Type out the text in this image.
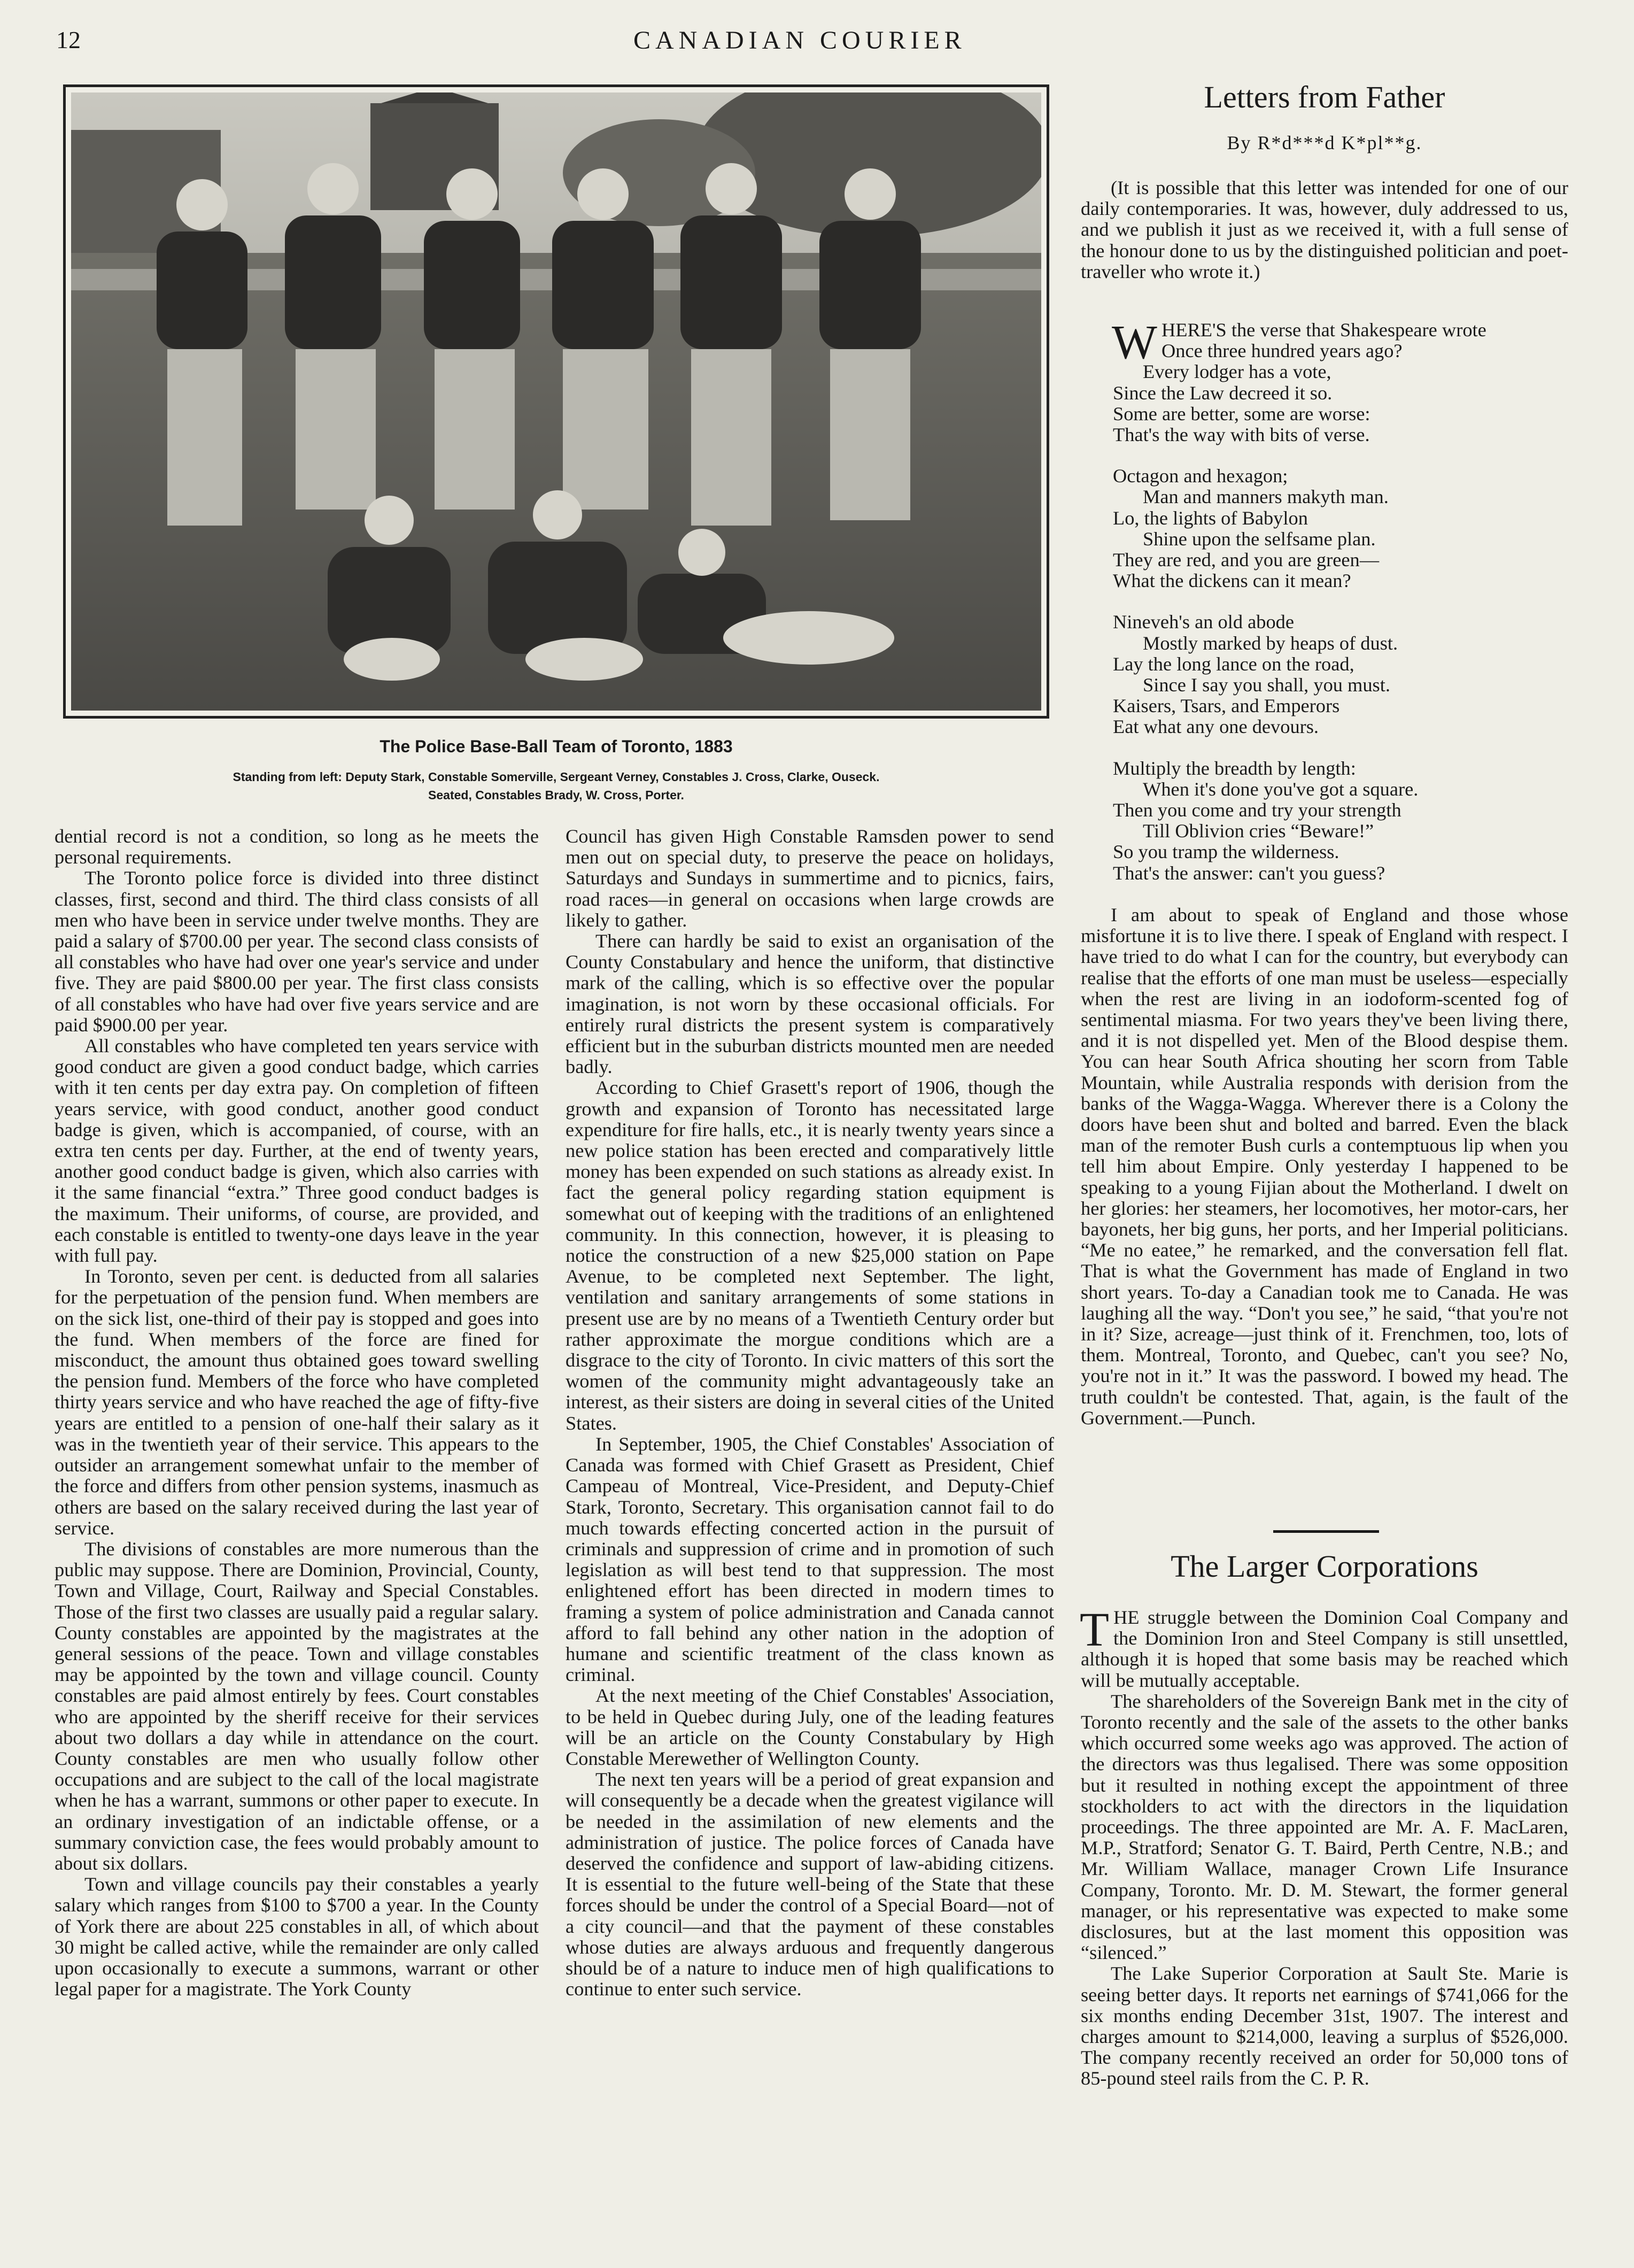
12	CANADIAN COURIER
The Police Base-Ball Team of Toronto, 1883
Standing from left: Deputy Stark, Constable Somerville, Sergeant Verney, Constables J. Cross, Clarke, Ouseck.
Seated, Constables Brady, W. Cross, Porter.

dential record is not a condition, so long as he meets the personal requirements.

The Toronto police force is divided into three distinct classes, first, second and third. The third class consists of all men who have been in service under twelve months. They are paid a salary of $700.00 per year. The second class consists of all constables who have had over one year's service and under five. They are paid $800.00 per year. The first class consists of all constables who have had over five years service and are paid $900.00 per year.

All constables who have completed ten years service with good conduct are given a good conduct badge, which carries with it ten cents per day extra pay. On completion of fifteen years service, with good conduct, another good conduct badge is given, which is accompanied, of course, with an extra ten cents per day. Further, at the end of twenty years, another good conduct badge is given, which also carries with it the same financial “extra.” Three good conduct badges is the maximum. Their uniforms, of course, are provided, and each constable is entitled to twenty-one days leave in the year with full pay.

In Toronto, seven per cent. is deducted from all salaries for the perpetuation of the pension fund. When members are on the sick list, one-third of their pay is stopped and goes into the fund. When members of the force are fined for misconduct, the amount thus obtained goes toward swelling the pension fund. Members of the force who have completed thirty years service and who have reached the age of fifty-five years are entitled to a pension of one-half their salary as it was in the twentieth year of their service. This appears to the outsider an arrangement somewhat unfair to the member of the force and differs from other pension systems, inasmuch as others are based on the salary received during the last year of service.

The divisions of constables are more numerous than the public may suppose. There are Dominion, Provincial, County, Town and Village, Court, Railway and Special Constables. Those of the first two classes are usually paid a regular salary. County constables are appointed by the magistrates at the general sessions of the peace. Town and village constables may be appointed by the town and village council. County constables are paid almost entirely by fees. Court constables who are appointed by the sheriff receive for their services about two dollars a day while in attendance on the court. County constables are men who usually follow other occupations and are subject to the call of the local magistrate when he has a warrant, summons or other paper to execute. In an ordinary investigation of an indictable offense, or a summary conviction case, the fees would probably amount to about six dollars.

Town and village councils pay their constables a yearly salary which ranges from $100 to $700 a year. In the County of York there are about 225 constables in all, of which about 30 might be called active, while the remainder are only called upon occasionally to execute a summons, warrant or other legal paper for a magistrate. The York County

Council has given High Constable Ramsden power to send men out on special duty, to preserve the peace on holidays, Saturdays and Sundays in summertime and to picnics, fairs, road races—in general on occasions when large crowds are likely to gather.

There can hardly be said to exist an organisation of the County Constabulary and hence the uniform, that distinctive mark of the calling, which is so effective over the popular imagination, is not worn by these occasional officials. For entirely rural districts the present system is comparatively efficient but in the suburban districts mounted men are needed badly.

According to Chief Grasett's report of 1906, though the growth and expansion of Toronto has necessitated large expenditure for fire halls, etc., it is nearly twenty years since a new police station has been erected and comparatively little money has been expended on such stations as already exist. In fact the general policy regarding station equipment is somewhat out of keeping with the traditions of an enlightened community. In this connection, however, it is pleasing to notice the construction of a new $25,000 station on Pape Avenue, to be completed next September. The light, ventilation and sanitary arrangements of some stations in present use are by no means of a Twentieth Century order but rather approximate the morgue conditions which are a disgrace to the city of Toronto. In civic matters of this sort the women of the community might advantageously take an interest, as their sisters are doing in several cities of the United States.

In September, 1905, the Chief Constables' Association of Canada was formed with Chief Grasett as President, Chief Campeau of Montreal, Vice-President, and Deputy-Chief Stark, Toronto, Secretary. This organisation cannot fail to do much towards effecting concerted action in the pursuit of criminals and suppression of crime and in promotion of such legislation as will best tend to that suppression. The most enlightened effort has been directed in modern times to framing a system of police administration and Canada cannot afford to fall behind any other nation in the adoption of humane and scientific treatment of the class known as criminal.

At the next meeting of the Chief Constables' Association, to be held in Quebec during July, one of the leading features will be an article on the County Constabulary by High Constable Merewether of Wellington County.

The next ten years will be a period of great expansion and will consequently be a decade when the greatest vigilance will be needed in the assimilation of new elements and the administration of justice. The police forces of Canada have deserved the confidence and support of law-abiding citizens. It is essential to the future well-being of the State that these forces should be under the control of a Special Board—not of a city council—and that the payment of these constables whose duties are always arduous and frequently dangerous should be of a nature to induce men of high qualifications to continue to enter such service.

Letters from Father
By R*d***d K*pl**g.

(It is possible that this letter was intended for one of our daily contemporaries. It was, however, duly addressed to us, and we publish it just as we received it, with a full sense of the honour done to us by the distinguished politician and poet-traveller who wrote it.)

WHERE'S the verse that Shakespeare wrote
Once three hundred years ago?
Every lodger has a vote,
Since the Law decreed it so.
Some are better, some are worse:
That's the way with bits of verse.
Octagon and hexagon;
Man and manners makyth man.
Lo, the lights of Babylon
Shine upon the selfsame plan.
They are red, and you are green—
What the dickens can it mean?
Nineveh's an old abode
Mostly marked by heaps of dust.
Lay the long lance on the road,
Since I say you shall, you must.
Kaisers, Tsars, and Emperors
Eat what any one devours.
Multiply the breadth by length:
When it's done you've got a square.
Then you come and try your strength
Till Oblivion cries “Beware!”
So you tramp the wilderness.
That's the answer: can't you guess?

I am about to speak of England and those whose misfortune it is to live there. I speak of England with respect. I have tried to do what I can for the country, but everybody can realise that the efforts of one man must be useless—especially when the rest are living in an iodoform-scented fog of sentimental miasma. For two years they've been living there, and it is not dispelled yet. Men of the Blood despise them. You can hear South Africa shouting her scorn from Table Mountain, while Australia responds with derision from the banks of the Wagga-Wagga. Wherever there is a Colony the doors have been shut and bolted and barred. Even the black man of the remoter Bush curls a contemptuous lip when you tell him about Empire. Only yesterday I happened to be speaking to a young Fijian about the Motherland. I dwelt on her glories: her steamers, her locomotives, her motor-cars, her bayonets, her big guns, her ports, and her Imperial politicians. “Me no eatee,” he remarked, and the conversation fell flat. That is what the Government has made of England in two short years. To-day a Canadian took me to Canada. He was laughing all the way. “Don't you see,” he said, “that you're not in it? Size, acreage—just think of it. Frenchmen, too, lots of them. Montreal, Toronto, and Quebec, can't you see? No, you're not in it.” It was the password. I bowed my head. The truth couldn't be contested. That, again, is the fault of the Government.—Punch.

The Larger Corporations

THE struggle between the Dominion Coal Company and the Dominion Iron and Steel Company is still unsettled, although it is hoped that some basis may be reached which will be mutually acceptable.

The shareholders of the Sovereign Bank met in the city of Toronto recently and the sale of the assets to the other banks which occurred some weeks ago was approved. The action of the directors was thus legalised. There was some opposition but it resulted in nothing except the appointment of three stockholders to act with the directors in the liquidation proceedings. The three appointed are Mr. A. F. MacLaren, M.P., Stratford; Senator G. T. Baird, Perth Centre, N.B.; and Mr. William Wallace, manager Crown Life Insurance Company, Toronto. Mr. D. M. Stewart, the former general manager, or his representative was expected to make some disclosures, but at the last moment this opposition was “silenced.”

The Lake Superior Corporation at Sault Ste. Marie is seeing better days. It reports net earnings of $741,066 for the six months ending December 31st, 1907. The interest and charges amount to $214,000, leaving a surplus of $526,000. The company recently received an order for 50,000 tons of 85-pound steel rails from the C. P. R.
